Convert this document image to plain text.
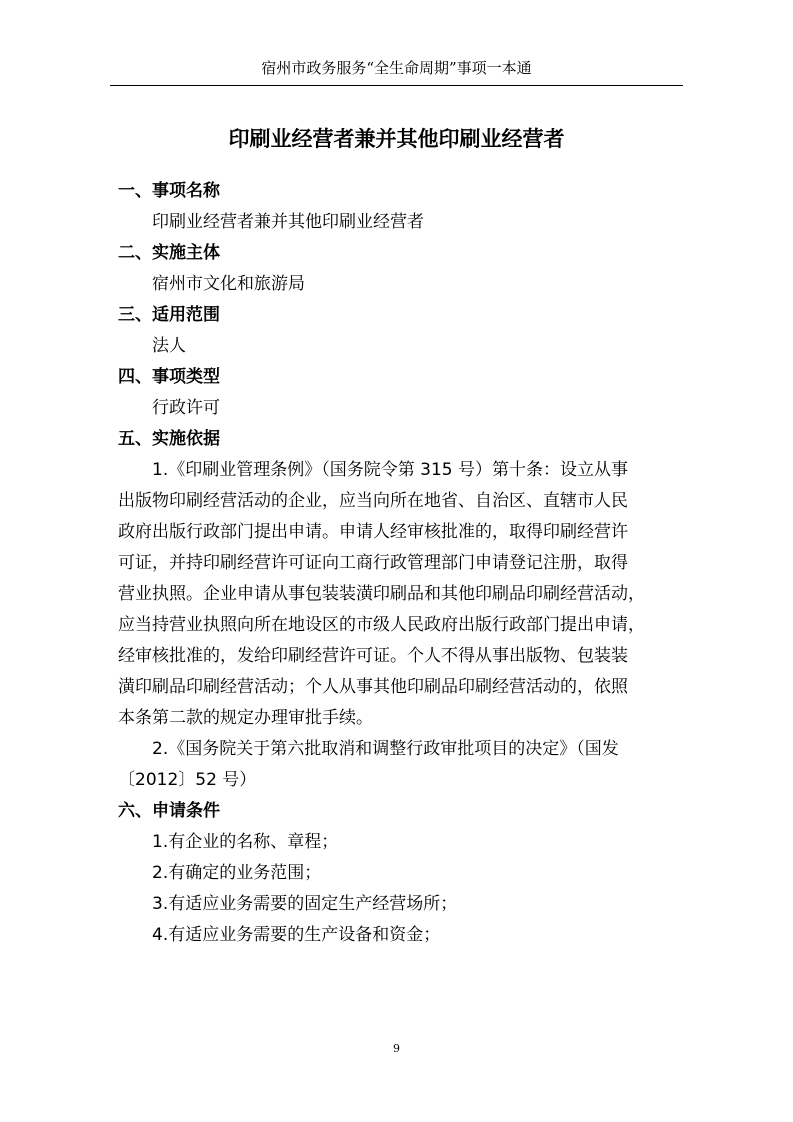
宿州市政务服务“全生命周期”事项一本通
印刷业经营者兼并其他印刷业经营者
一、事项名称
印刷业经营者兼并其他印刷业经营者
二、实施主体
宿州市文化和旅游局
三、适用范围
法人
四、事项类型
行政许可
五、实施依据

1.《印刷业管理条例》（国务院令第 315 号）第十条：设立从事
出版物印刷经营活动的企业，应当向所在地省、自治区、直辖市人民
政府出版行政部门提出申请。申请人经审核批准的，取得印刷经营许
可证，并持印刷经营许可证向工商行政管理部门申请登记注册，取得
营业执照。企业申请从事包装装潢印刷品和其他印刷品印刷经营活动，
应当持营业执照向所在地设区的市级人民政府出版行政部门提出申请，
经审核批准的，发给印刷经营许可证。个人不得从事出版物、包装装
潢印刷品印刷经营活动；个人从事其他印刷品印刷经营活动的，依照
本条第二款的规定办理审批手续。

2.《国务院关于第六批取消和调整行政审批项目的决定》（国发
〔2012〕52 号）

六、申请条件
1.有企业的名称、章程；
2.有确定的业务范围；
3.有适应业务需要的固定生产经营场所；
4.有适应业务需要的生产设备和资金；
9
